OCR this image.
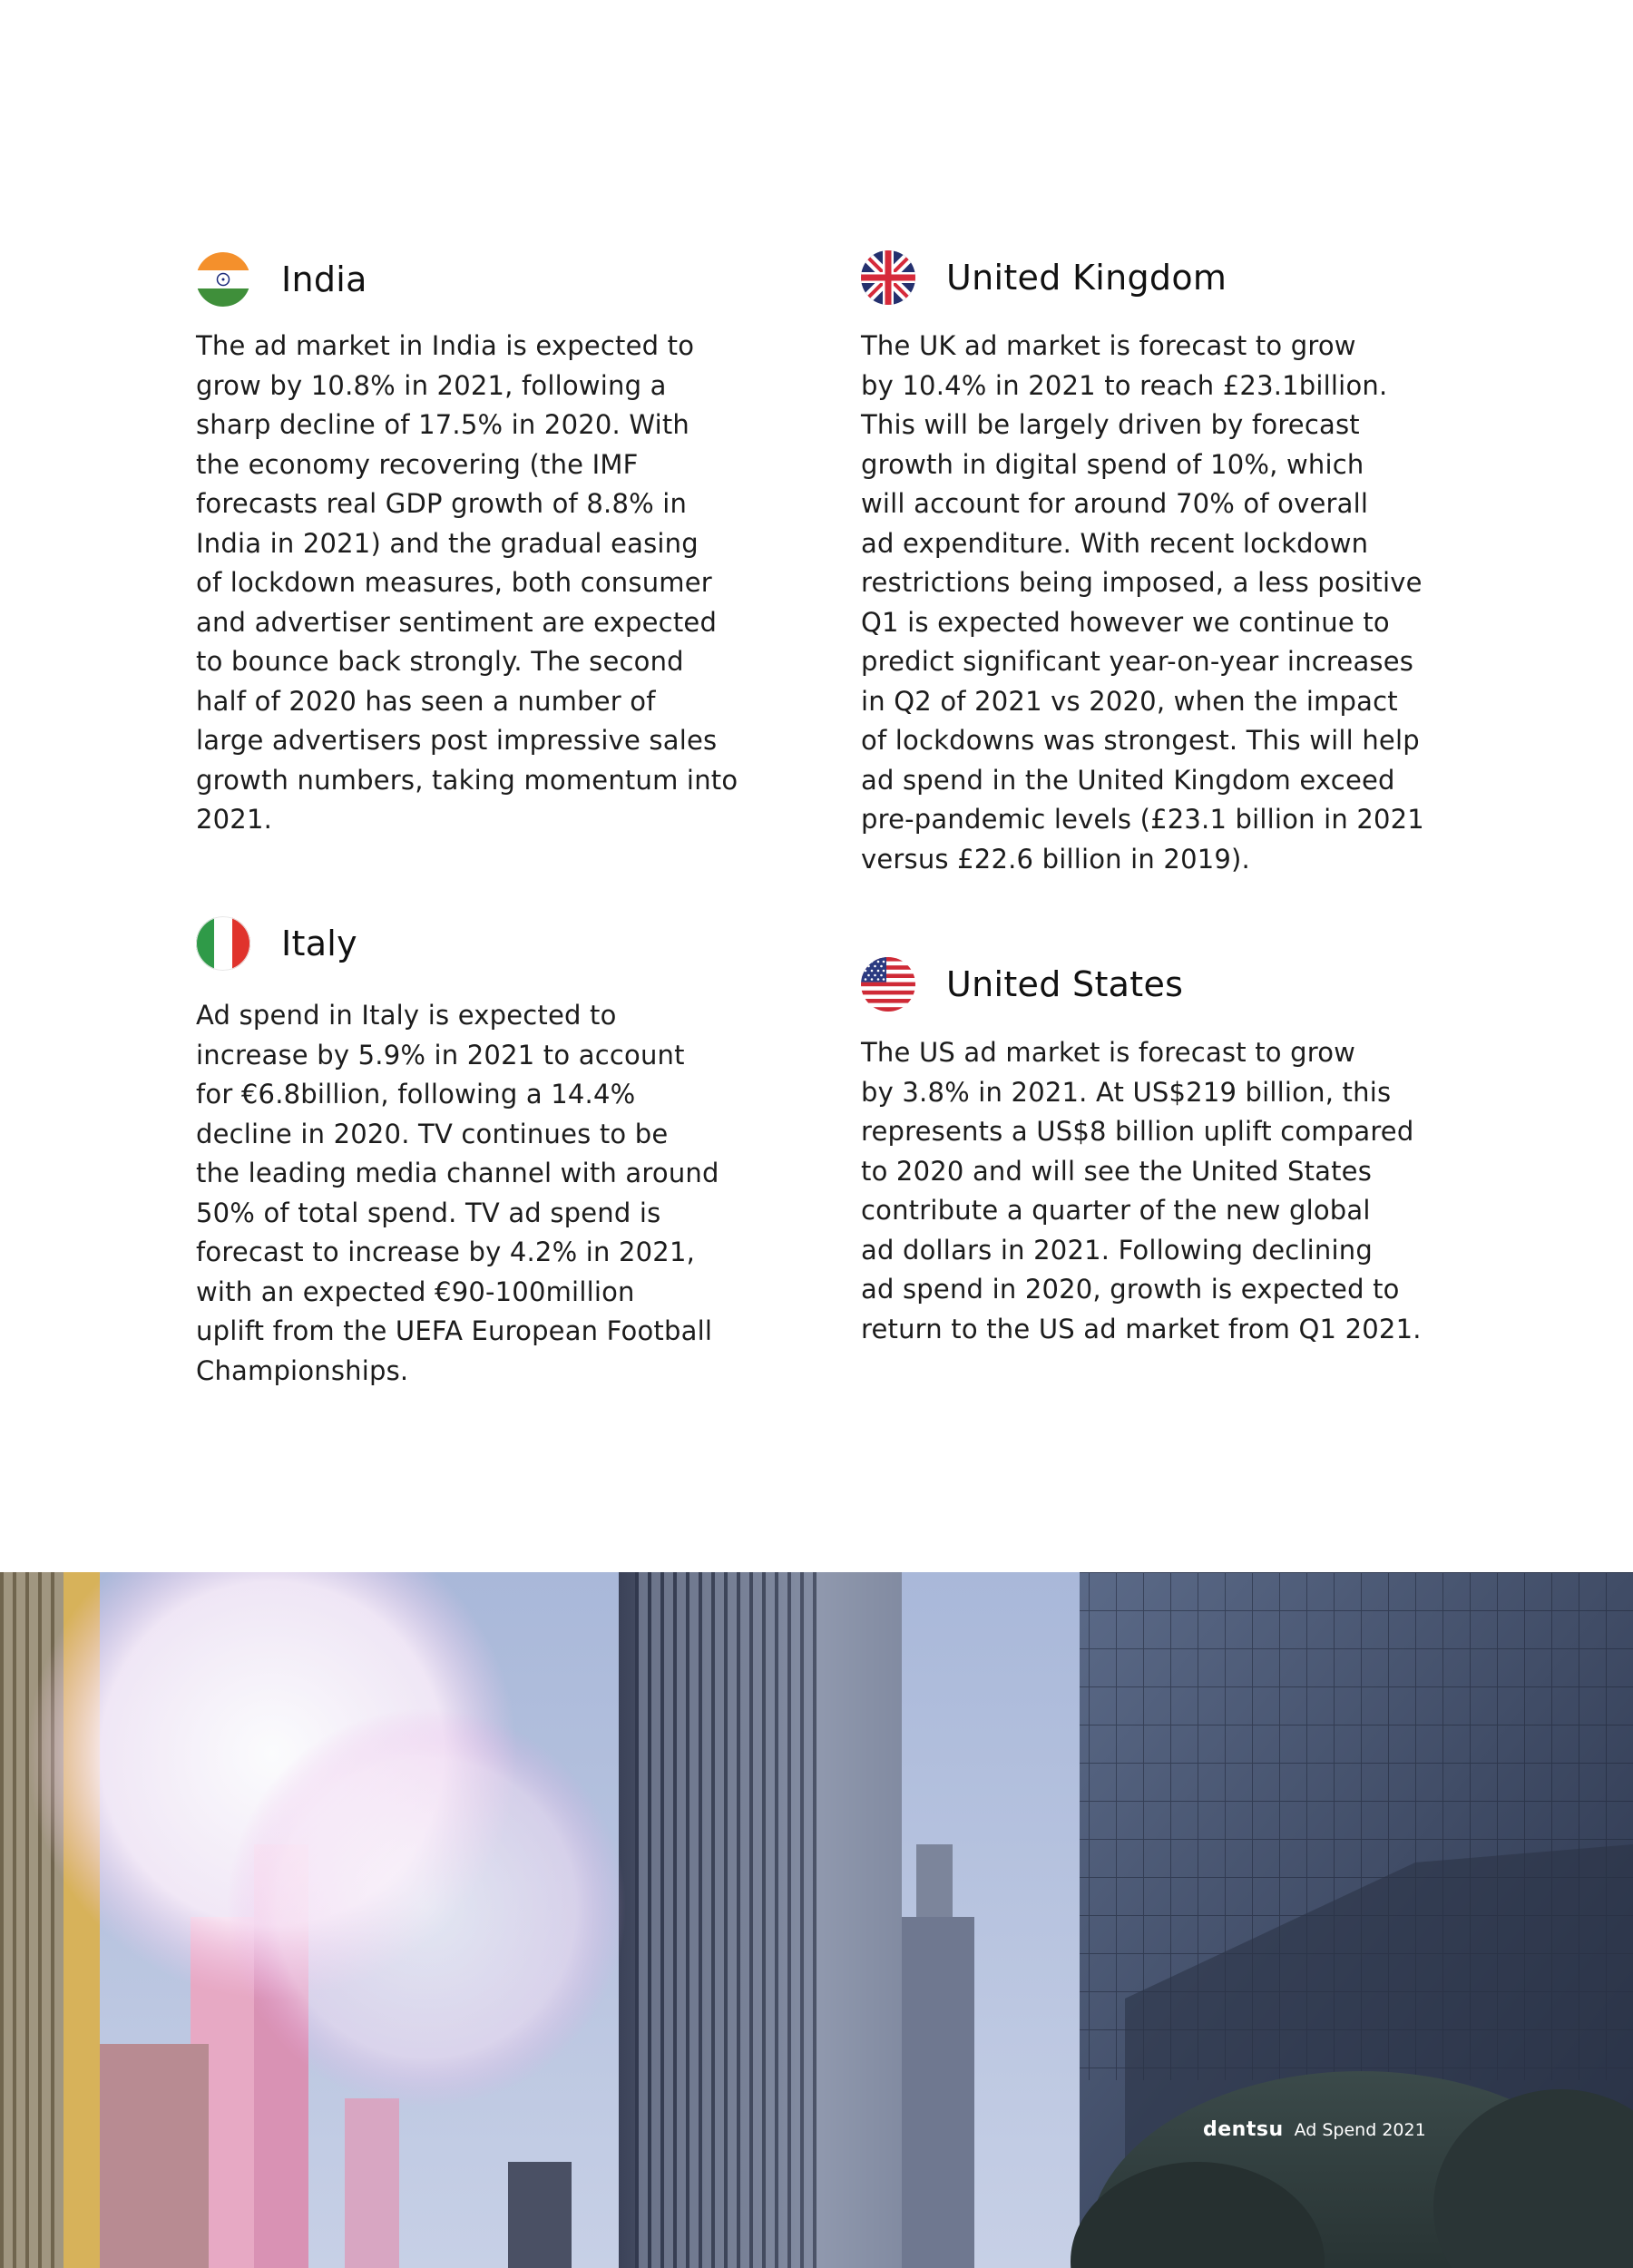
India

The ad market in India is expected to
grow by 10.8% in 2021, following a
sharp decline of 17.5% in 2020. With
the economy recovering (the IMF
forecasts real GDP growth of 8.8% in
India in 2021) and the gradual easing
of lockdown measures, both consumer
and advertiser sentiment are expected
to bounce back strongly. The second
half of 2020 has seen a number of
large advertisers post impressive sales
growth numbers, taking momentum into
2021.

Italy

Ad spend in Italy is expected to
increase by 5.9% in 2021 to account
for €6.8billion, following a 14.4%
decline in 2020. TV continues to be
the leading media channel with around
50% of total spend. TV ad spend is
forecast to increase by 4.2% in 2021,
with an expected €90-100million
uplift from the UEFA European Football
Championships.

United Kingdom

The UK ad market is forecast to grow
by 10.4% in 2021 to reach £23.1billion.
This will be largely driven by forecast
growth in digital spend of 10%, which
will account for around 70% of overall
ad expenditure. With recent lockdown
restrictions being imposed, a less positive
Q1 is expected however we continue to
predict significant year-on-year increases
in Q2 of 2021 vs 2020, when the impact
of lockdowns was strongest. This will help
ad spend in the United Kingdom exceed
pre-pandemic levels (£23.1 billion in 2021
versus £22.6 billion in 2019).

United States

The US ad market is forecast to grow
by 3.8% in 2021. At US$219 billion, this
represents a US$8 billion uplift compared
to 2020 and will see the United States
contribute a quarter of the new global
ad dollars in 2021. Following declining
ad spend in 2020, growth is expected to
return to the US ad market from Q1 2021.

dentsu Ad Spend 2021
